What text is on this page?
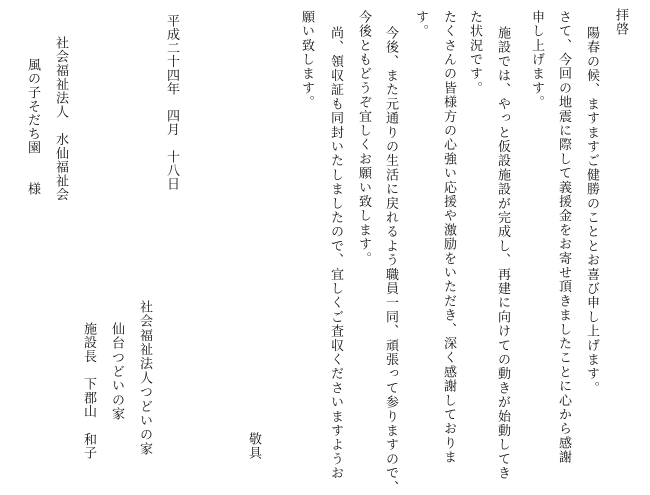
拝啓
陽春の候、ますますご健勝のこととお喜び申し上げます。
さて、今回の地震に際して義援金をお寄せ頂きましたことに心から感謝
申し上げます。
施設では、やっと仮設施設が完成し、再建に向けての動きが始動してき
た状況です。
たくさんの皆様方の心強い応援や激励をいただき、深く感謝しておりま
す。
今後、また元通りの生活に戻れるよう職員一同、頑張って参りますので、
今後ともどうぞ宜しくお願い致します。
尚、領収証も同封いたしましたので、宜しくご査収くださいますようお
願い致します。
敬具
平成二十四年　四月　十八日
社会福祉法人つどいの家
仙台つどいの家
施設長　下郡山　和子
社会福祉法人　水仙福祉会
風の子そだち園　　様
